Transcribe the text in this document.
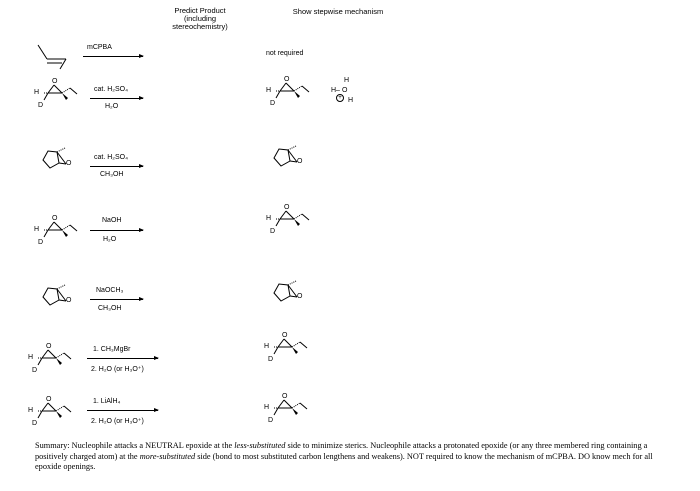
Predict Product (including stereochemistry)
Show stepwise mechanism
mCPBA
not required
H
D
O
cat. H₂SO₄
H₂O
H
D
O	H
H– O
H
+
O
cat. H₂SO₄
CH₃OH
O
H
D
O	NaOH
H₂O
H
D
O
O
NaOCH₃
CH₃OH
O
H
D
O	1. CH₃MgBr
2. H₂O (or H₃O⁺)
H
D
O
H
D
O	1. LiAlH₄
2. H₂O (or H₃O⁺)
H
D
O
Summary: Nucleophile attacks a NEUTRAL epoxide at the less-substituted side to minimize sterics. Nucleophile attacks a protonated epoxide (or any three membered ring containing a positively charged atom) at the more-substituted side (bond to most substituted carbon lengthens and weakens). NOT required to know the mechanism of mCPBA. DO know mech for all epoxide openings.
